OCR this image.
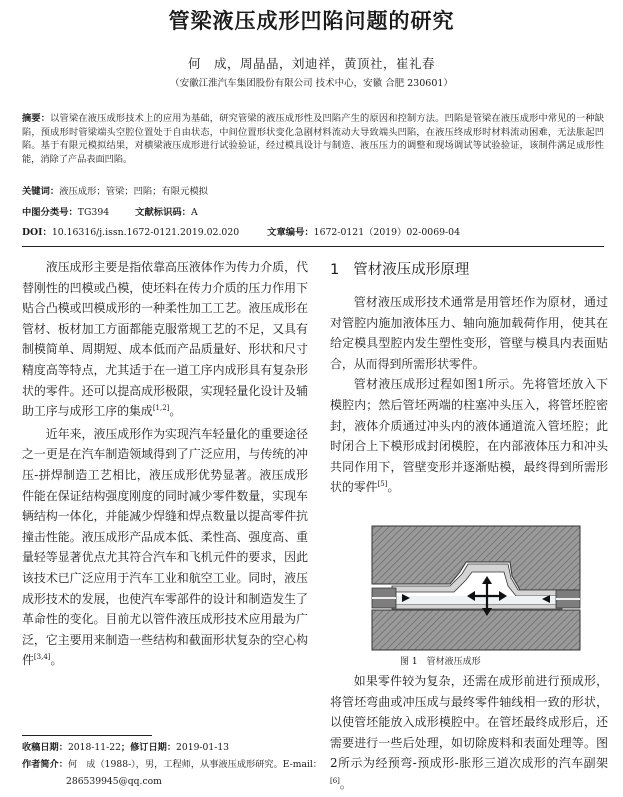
管梁液压成形凹陷问题的研究
何　成，周晶晶，刘迪祥，黄顶社，崔礼春
（安徽江淮汽车集团股份有限公司 技术中心，安徽 合肥 230601）

摘要：以管梁在液压成形技术上的应用为基础，研究管梁的液压成形性及凹陷产生的原因和控制方法。凹陷是管梁在液压成形中常见的一种缺陷，预成形时管梁端头空腔位置处于自由状态，中间位置形状变化急剧材料流动大导致端头凹陷，在液压终成形时材料流动困难，无法胀起凹陷。基于有限元模拟结果，对横梁液压成形进行试验验证，经过模具设计与制造、液压压力的调整和现场调试等试验验证，该制件满足成形性能，消除了产品表面凹陷。

关键词：液压成形；管梁；凹陷；有限元模拟

中图分类号：TG394	文献标识码：A

DOI：10.16316/j.issn.1672-0121.2019.02.020	文章编号：1672-0121（2019）02-0069-04

液压成形主要是指依靠高压液体作为传力介质，代替刚性的凹模或凸模，使坯料在传力介质的压力作用下贴合凸模或凹模成形的一种柔性加工工艺。液压成形在管材、板材加工方面都能克服常规工艺的不足，又具有制模简单、周期短、成本低而产品质量好、形状和尺寸精度高等特点，尤其适于在一道工序内成形具有复杂形状的零件。还可以提高成形极限，实现轻量化设计及辅助工序与成形工序的集成[1,2]。

近年来，液压成形作为实现汽车轻量化的重要途径之一更是在汽车制造领域得到了广泛应用，与传统的冲压-拼焊制造工艺相比，液压成形优势显著。液压成形件能在保证结构强度刚度的同时减少零件数量，实现车辆结构一体化，并能减少焊缝和焊点数量以提高零件抗撞击性能。液压成形产品成本低、柔性高、强度高、重量轻等显著优点尤其符合汽车和飞机元件的要求，因此该技术已广泛应用于汽车工业和航空工业。同时，液压成形技术的发展，也使汽车零部件的设计和制造发生了革命性的变化。目前尤以管件液压成形技术应用最为广泛，它主要用来制造一些结构和截面形状复杂的空心构件[3,4]。

1 管材液压成形原理

管材液压成形技术通常是用管坯作为原材，通过对管腔内施加液体压力、轴向施加载荷作用，使其在给定模具型腔内发生塑性变形，管壁与模具内表面贴合，从而得到所需形状零件。

管材液压成形过程如图1所示。先将管坯放入下模腔内；然后管坯两端的柱塞冲头压入，将管坯腔密封，液体介质通过冲头内的液体通道流入管坯腔；此时闭合上下模形成封闭模腔，在内部液体压力和冲头共同作用下，管壁变形并逐渐贴模，最终得到所需形状的零件[5]。

图 1　管材液压成形

如果零件较为复杂，还需在成形前进行预成形，将管坯弯曲或冲压成与最终零件轴线相一致的形状，以使管坯能放入成形模腔中。在管坯最终成形后，还需要进行一些后处理，如切除废料和表面处理等。图2所示为经预弯-预成形-胀形三道次成形的汽车副架[6]。

收稿日期：2018-11-22；修订日期：2019-01-13
作者简介：何　成（1988-），男，工程师，从事液压成形研究。E-mail：
286539945@qq.com
